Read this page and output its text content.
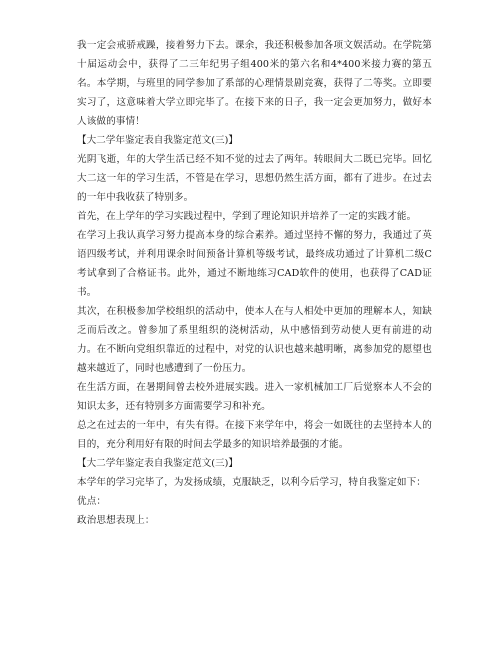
我一定会戒骄戒躁，接着努力下去。课余，我还积极参加各项文娱活动。在学院第十届运动会中，获得了二三年纪男子组400米的第六名和4*400米接力赛的第五名。本学期，与班里的同学参加了系部的心理情景剧竞赛，获得了二等奖。立即要实习了，这意味着大学立即完毕了。在接下来的日子，我一定会更加努力，做好本人该做的事情！

【大二学年鉴定表自我鉴定范文(三)】

光阴飞逝，年的大学生活已经不知不觉的过去了两年。转眼间大二既已完毕。回忆大二这一年的学习生活，不管是在学习，思想仍然生活方面，都有了进步。在过去的一年中我收获了特别多。

首先，在上学年的学习实践过程中，学到了理论知识并培养了一定的实践才能。

在学习上我认真学习努力提高本身的综合素养。通过坚持不懈的努力，我通过了英语四级考试，并利用课余时间预备计算机等级考试，最终成功通过了计算机二级C考试拿到了合格证书。此外，通过不断地练习CAD软件的使用，也获得了CAD证书。

其次，在积极参加学校组织的活动中，使本人在与人相处中更加的理解本人，知缺乏而后改之。曾参加了系里组织的浇树活动，从中感悟到劳动使人更有前进的动力。在不断向党组织靠近的过程中，对党的认识也越来越明晰，离参加党的愿望也越来越近了，同时也感遭到了一份压力。

在生活方面，在暑期间曾去校外进展实践。进入一家机械加工厂后觉察本人不会的知识太多，还有特别多方面需要学习和补充。

总之在过去的一年中，有失有得。在接下来学年中，将会一如既往的去坚持本人的目的，充分利用好有限的时间去学最多的知识培养最强的才能。

【大二学年鉴定表自我鉴定范文(三)】

本学年的学习完毕了，为发扬成绩，克服缺乏，以利今后学习，特自我鉴定如下：

优点：

政治思想表现上：
